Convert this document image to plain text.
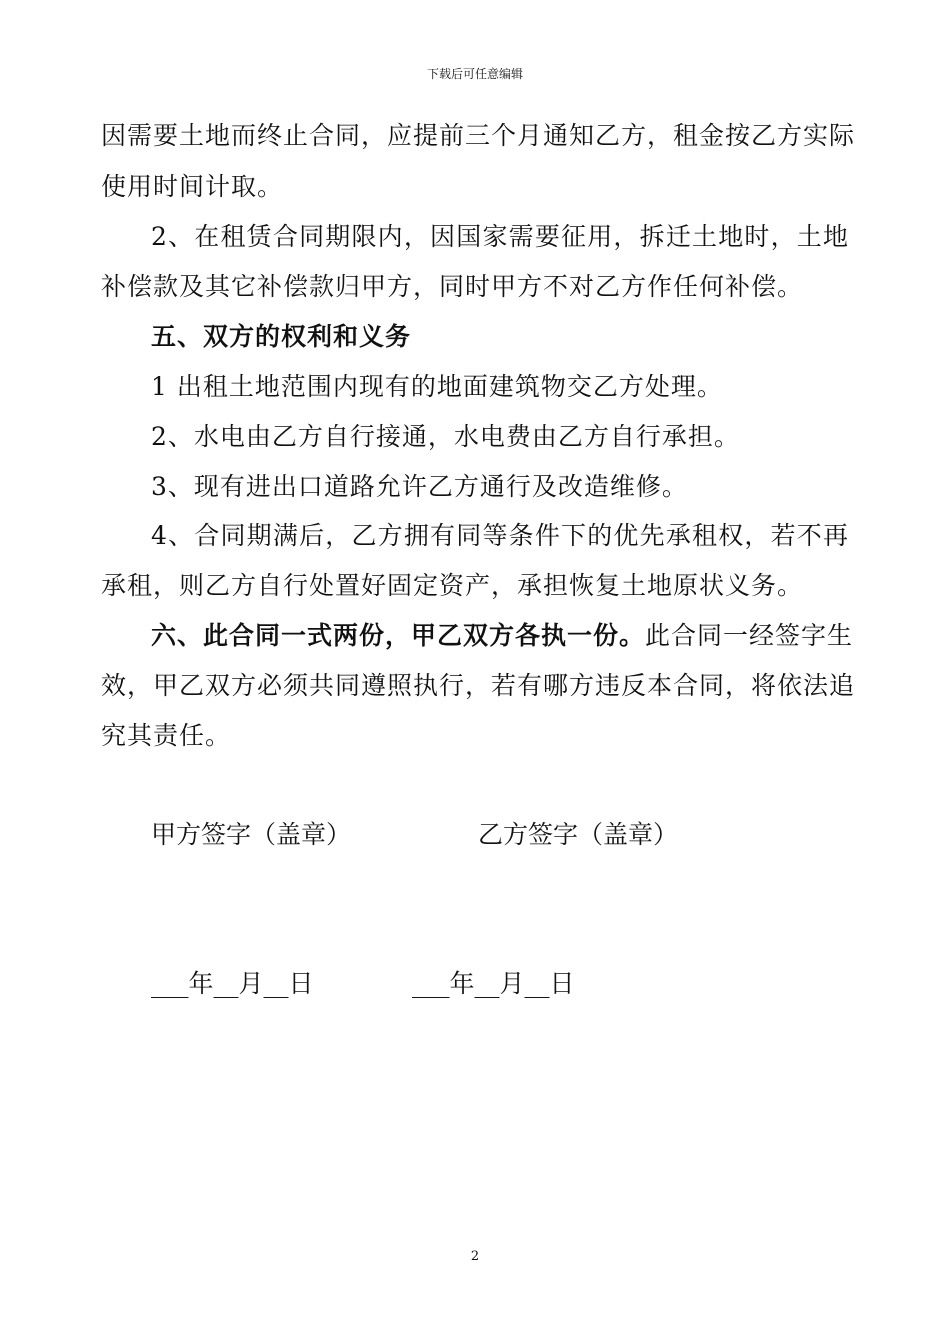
下载后可任意编辑
因需要土地而终止合同，应提前三个月通知乙方，租金按乙方实际
使用时间计取。
2、在租赁合同期限内，因国家需要征用，拆迁土地时，土地
补偿款及其它补偿款归甲方，同时甲方不对乙方作任何补偿。
五、双方的权利和义务
1 出租土地范围内现有的地面建筑物交乙方处理。
2、水电由乙方自行接通，水电费由乙方自行承担。
3、现有进出口道路允许乙方通行及改造维修。
4、合同期满后，乙方拥有同等条件下的优先承租权，若不再
承租，则乙方自行处置好固定资产，承担恢复土地原状义务。
六、此合同一式两份，甲乙双方各执一份。此合同一经签字生
效，甲乙双方必须共同遵照执行，若有哪方违反本合同，将依法追
究其责任。
甲方签字（盖章）	乙方签字（盖章）
___年__月__日	___年__月__日
2
